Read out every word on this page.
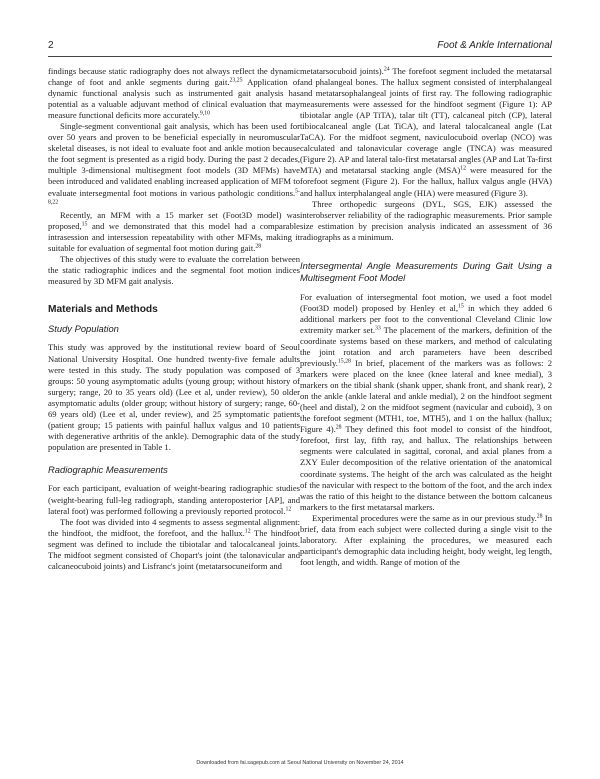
2	Foot & Ankle International

findings because static radiography does not always reflect the dynamic change of foot and ankle segments during gait.$^{23,25}$ Application of dynamic functional analysis such as instrumented gait analysis has potential as a valuable adjuvant method of clinical evaluation that may measure functional deficits more accurately.$^{9,10}$

Single-segment conventional gait analysis, which has been used for over 50 years and proven to be beneficial especially in neuromuscular skeletal diseases, is not ideal to evaluate foot and ankle motion because the foot segment is presented as a rigid body. During the past 2 decades, multiple 3-dimensional multisegment foot models (3D MFMs) have been introduced and validated enabling increased application of MFM to evaluate intersegmental foot motions in various pathologic conditions.$^{5-8,22}$

Recently, an MFM with a 15 marker set (Foot3D model) was proposed,$^{15}$ and we demonstrated that this model had a comparable intrasession and intersession repeatability with other MFMs, making it suitable for evaluation of segmental foot motion during gait.$^{28}$

The objectives of this study were to evaluate the correlation between the static radiographic indices and the segmental foot motion indices measured by 3D MFM gait analysis.

Materials and Methods
Study Population

This study was approved by the institutional review board of Seoul National University Hospital. One hundred twenty-five female adults were tested in this study. The study population was composed of 3 groups: 50 young asymptomatic adults (young group; without history of surgery; range, 20 to 35 years old) (Lee et al, under review), 50 older asymptomatic adults (older group; without history of surgery; range, 60-69 years old) (Lee et al, under review), and 25 symptomatic patients (patient group; 15 patients with painful hallux valgus and 10 patients with degenerative arthritis of the ankle). Demographic data of the study population are presented in Table 1.

Radiographic Measurements

For each participant, evaluation of weight-bearing radiographic studies (weight-bearing full-leg radiograph, standing anteroposterior [AP], and lateral foot) was performed following a previously reported protocol.$^{12}$

The foot was divided into 4 segments to assess segmental alignment: the hindfoot, the midfoot, the forefoot, and the hallux.$^{12}$ The hindfoot segment was defined to include the tibiotalar and talocalcaneal joints. The midfoot segment consisted of Chopart's joint (the talonavicular and calcaneocuboid joints) and Lisfranc's joint (metatarsocuneiform and

metatarsocuboid joints).$^{24}$ The forefoot segment included the metatarsal and phalangeal bones. The hallux segment consisted of interphalangeal and metatarsophalangeal joints of first ray. The following radiographic measurements were assessed for the hindfoot segment (Figure 1): AP tibiotalar angle (AP TiTA), talar tilt (TT), calcaneal pitch (CP), lateral tibiocalcaneal angle (Lat TiCA), and lateral talocalcaneal angle (Lat TaCA). For the midfoot segment, naviculocuboid overlap (NCO) was calculated and talonavicular coverage angle (TNCA) was measured (Figure 2). AP and lateral talo-first metatarsal angles (AP and Lat Ta-first MTA) and metatarsal stacking angle (MSA)$^{12}$ were measured for the forefoot segment (Figure 2). For the hallux, hallux valgus angle (HVA) and hallux interphalangeal angle (HIA) were measured (Figure 3).

Three orthopedic surgeons (DYL, SGS, EJK) assessed the interobserver reliability of the radiographic measurements. Prior sample size estimation by precision analysis indicated an assessment of 36 radiographs as a minimum.

Intersegmental Angle Measurements During Gait Using a Multisegment Foot Model

For evaluation of intersegmental foot motion, we used a foot model (Foot3D model) proposed by Henley et al,$^{15}$ in which they added 6 additional markers per foot to the conventional Cleveland Clinic low extremity marker set.$^{33}$ The placement of the markers, definition of the coordinate systems based on these markers, and method of calculating the joint rotation and arch parameters have been described previously.$^{15,28}$ In brief, placement of the markers was as follows: 2 markers were placed on the knee (knee lateral and knee medial), 3 markers on the tibial shank (shank upper, shank front, and shank rear), 2 on the ankle (ankle lateral and ankle medial), 2 on the hindfoot segment (heel and distal), 2 on the midfoot segment (navicular and cuboid), 3 on the forefoot segment (MTH1, toe, MTH5), and 1 on the hallux (hallux; Figure 4).$^{28}$ They defined this foot model to consist of the hindfoot, forefoot, first lay, fifth ray, and hallux. The relationships between segments were calculated in sagittal, coronal, and axial planes from a ZXY Euler decomposition of the relative orientation of the anatomical coordinate systems. The height of the arch was calculated as the height of the navicular with respect to the bottom of the foot, and the arch index was the ratio of this height to the distance between the bottom calcaneus markers to the first metatarsal markers.

Experimental procedures were the same as in our previous study.$^{28}$ In brief, data from each subject were collected during a single visit to the laboratory. After explaining the procedures, we measured each participant's demographic data including height, body weight, leg length, foot length, and width. Range of motion of the

Downloaded from fai.sagepub.com at Seoul National University on November 24, 2014
